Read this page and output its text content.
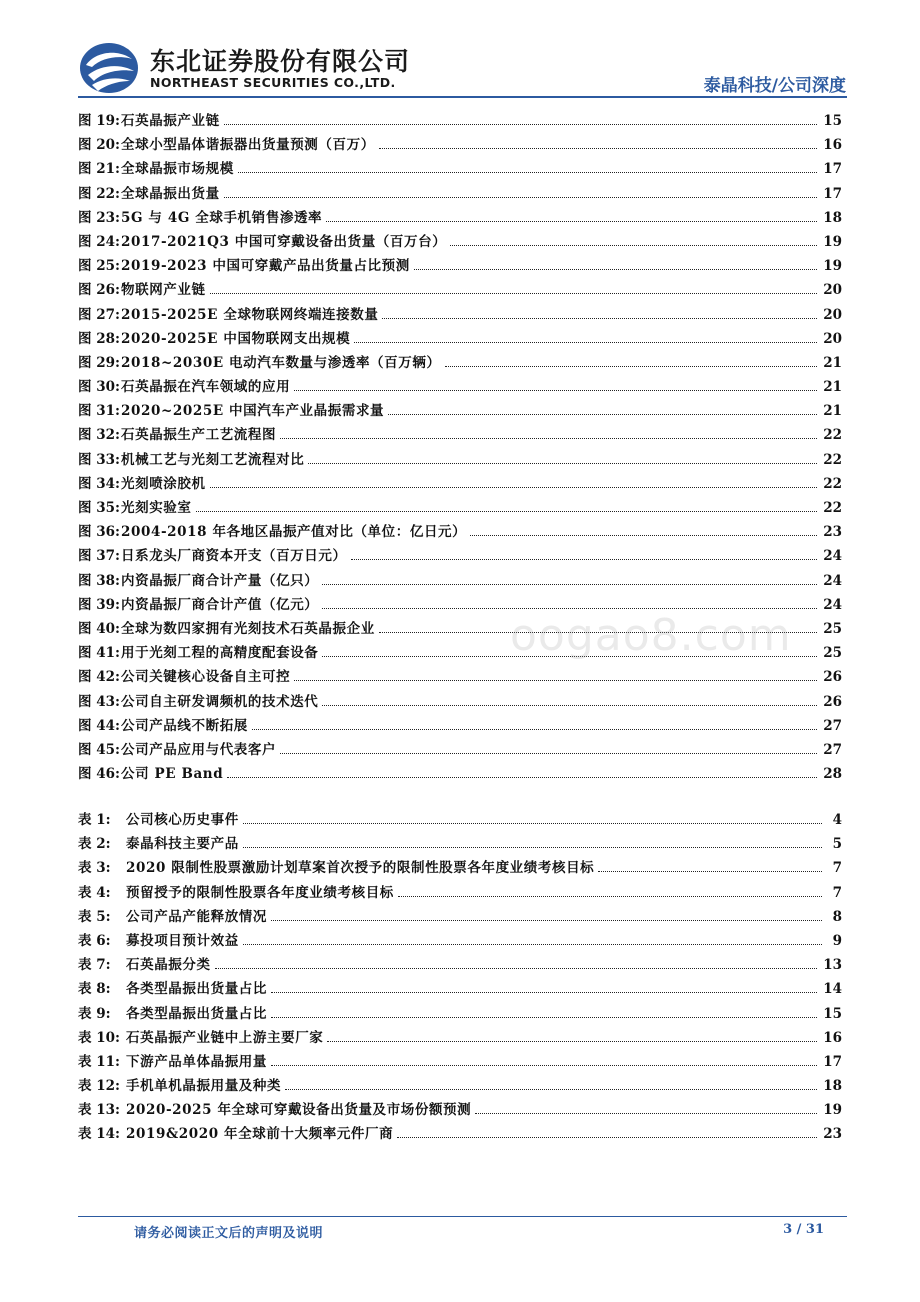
东北证券股份有限公司
NORTHEAST SECURITIES CO.,LTD.	泰晶科技/公司深度
图 19: 石英晶振产业链	15
图 20: 全球小型晶体谐振器出货量预测（百万）	16
图 21: 全球晶振市场规模	17
图 22: 全球晶振出货量	17
图 23: 5G 与 4G 全球手机销售渗透率	18
图 24: 2017-2021Q3 中国可穿戴设备出货量（百万台）	19
图 25: 2019-2023 中国可穿戴产品出货量占比预测	19
图 26: 物联网产业链	20
图 27: 2015-2025E 全球物联网终端连接数量	20
图 28: 2020-2025E 中国物联网支出规模	20
图 29: 2018~2030E 电动汽车数量与渗透率（百万辆）	21
图 30: 石英晶振在汽车领域的应用	21
图 31: 2020~2025E 中国汽车产业晶振需求量	21
图 32: 石英晶振生产工艺流程图	22
图 33: 机械工艺与光刻工艺流程对比	22
图 34: 光刻喷涂胶机	22
图 35: 光刻实验室	22
图 36: 2004-2018 年各地区晶振产值对比（单位：亿日元）	23
图 37: 日系龙头厂商资本开支（百万日元）	24
图 38: 内资晶振厂商合计产量（亿只）	24
图 39: 内资晶振厂商合计产值（亿元）	24
图 40: 全球为数四家拥有光刻技术石英晶振企业	25
图 41: 用于光刻工程的高精度配套设备	25
图 42: 公司关键核心设备自主可控	26
图 43: 公司自主研发调频机的技术迭代	26
图 44: 公司产品线不断拓展	27
图 45: 公司产品应用与代表客户	27
图 46: 公司 PE Band	28
表 1:	公司核心历史事件	4
表 2:	泰晶科技主要产品	5
表 3:	2020 限制性股票激励计划草案首次授予的限制性股票各年度业绩考核目标	7
表 4:	预留授予的限制性股票各年度业绩考核目标	7
表 5:	公司产品产能释放情况	8
表 6:	募投项目预计效益	9
表 7:	石英晶振分类	13
表 8:	各类型晶振出货量占比	14
表 9:	各类型晶振出货量占比	15
表 10: 石英晶振产业链中上游主要厂家	16
表 11: 下游产品单体晶振用量	17
表 12: 手机单机晶振用量及种类	18
表 13: 2020-2025 年全球可穿戴设备出货量及市场份额预测	19
表 14: 2019&2020 年全球前十大频率元件厂商	23
oogao8.com
请务必阅读正文后的声明及说明	3 / 31
